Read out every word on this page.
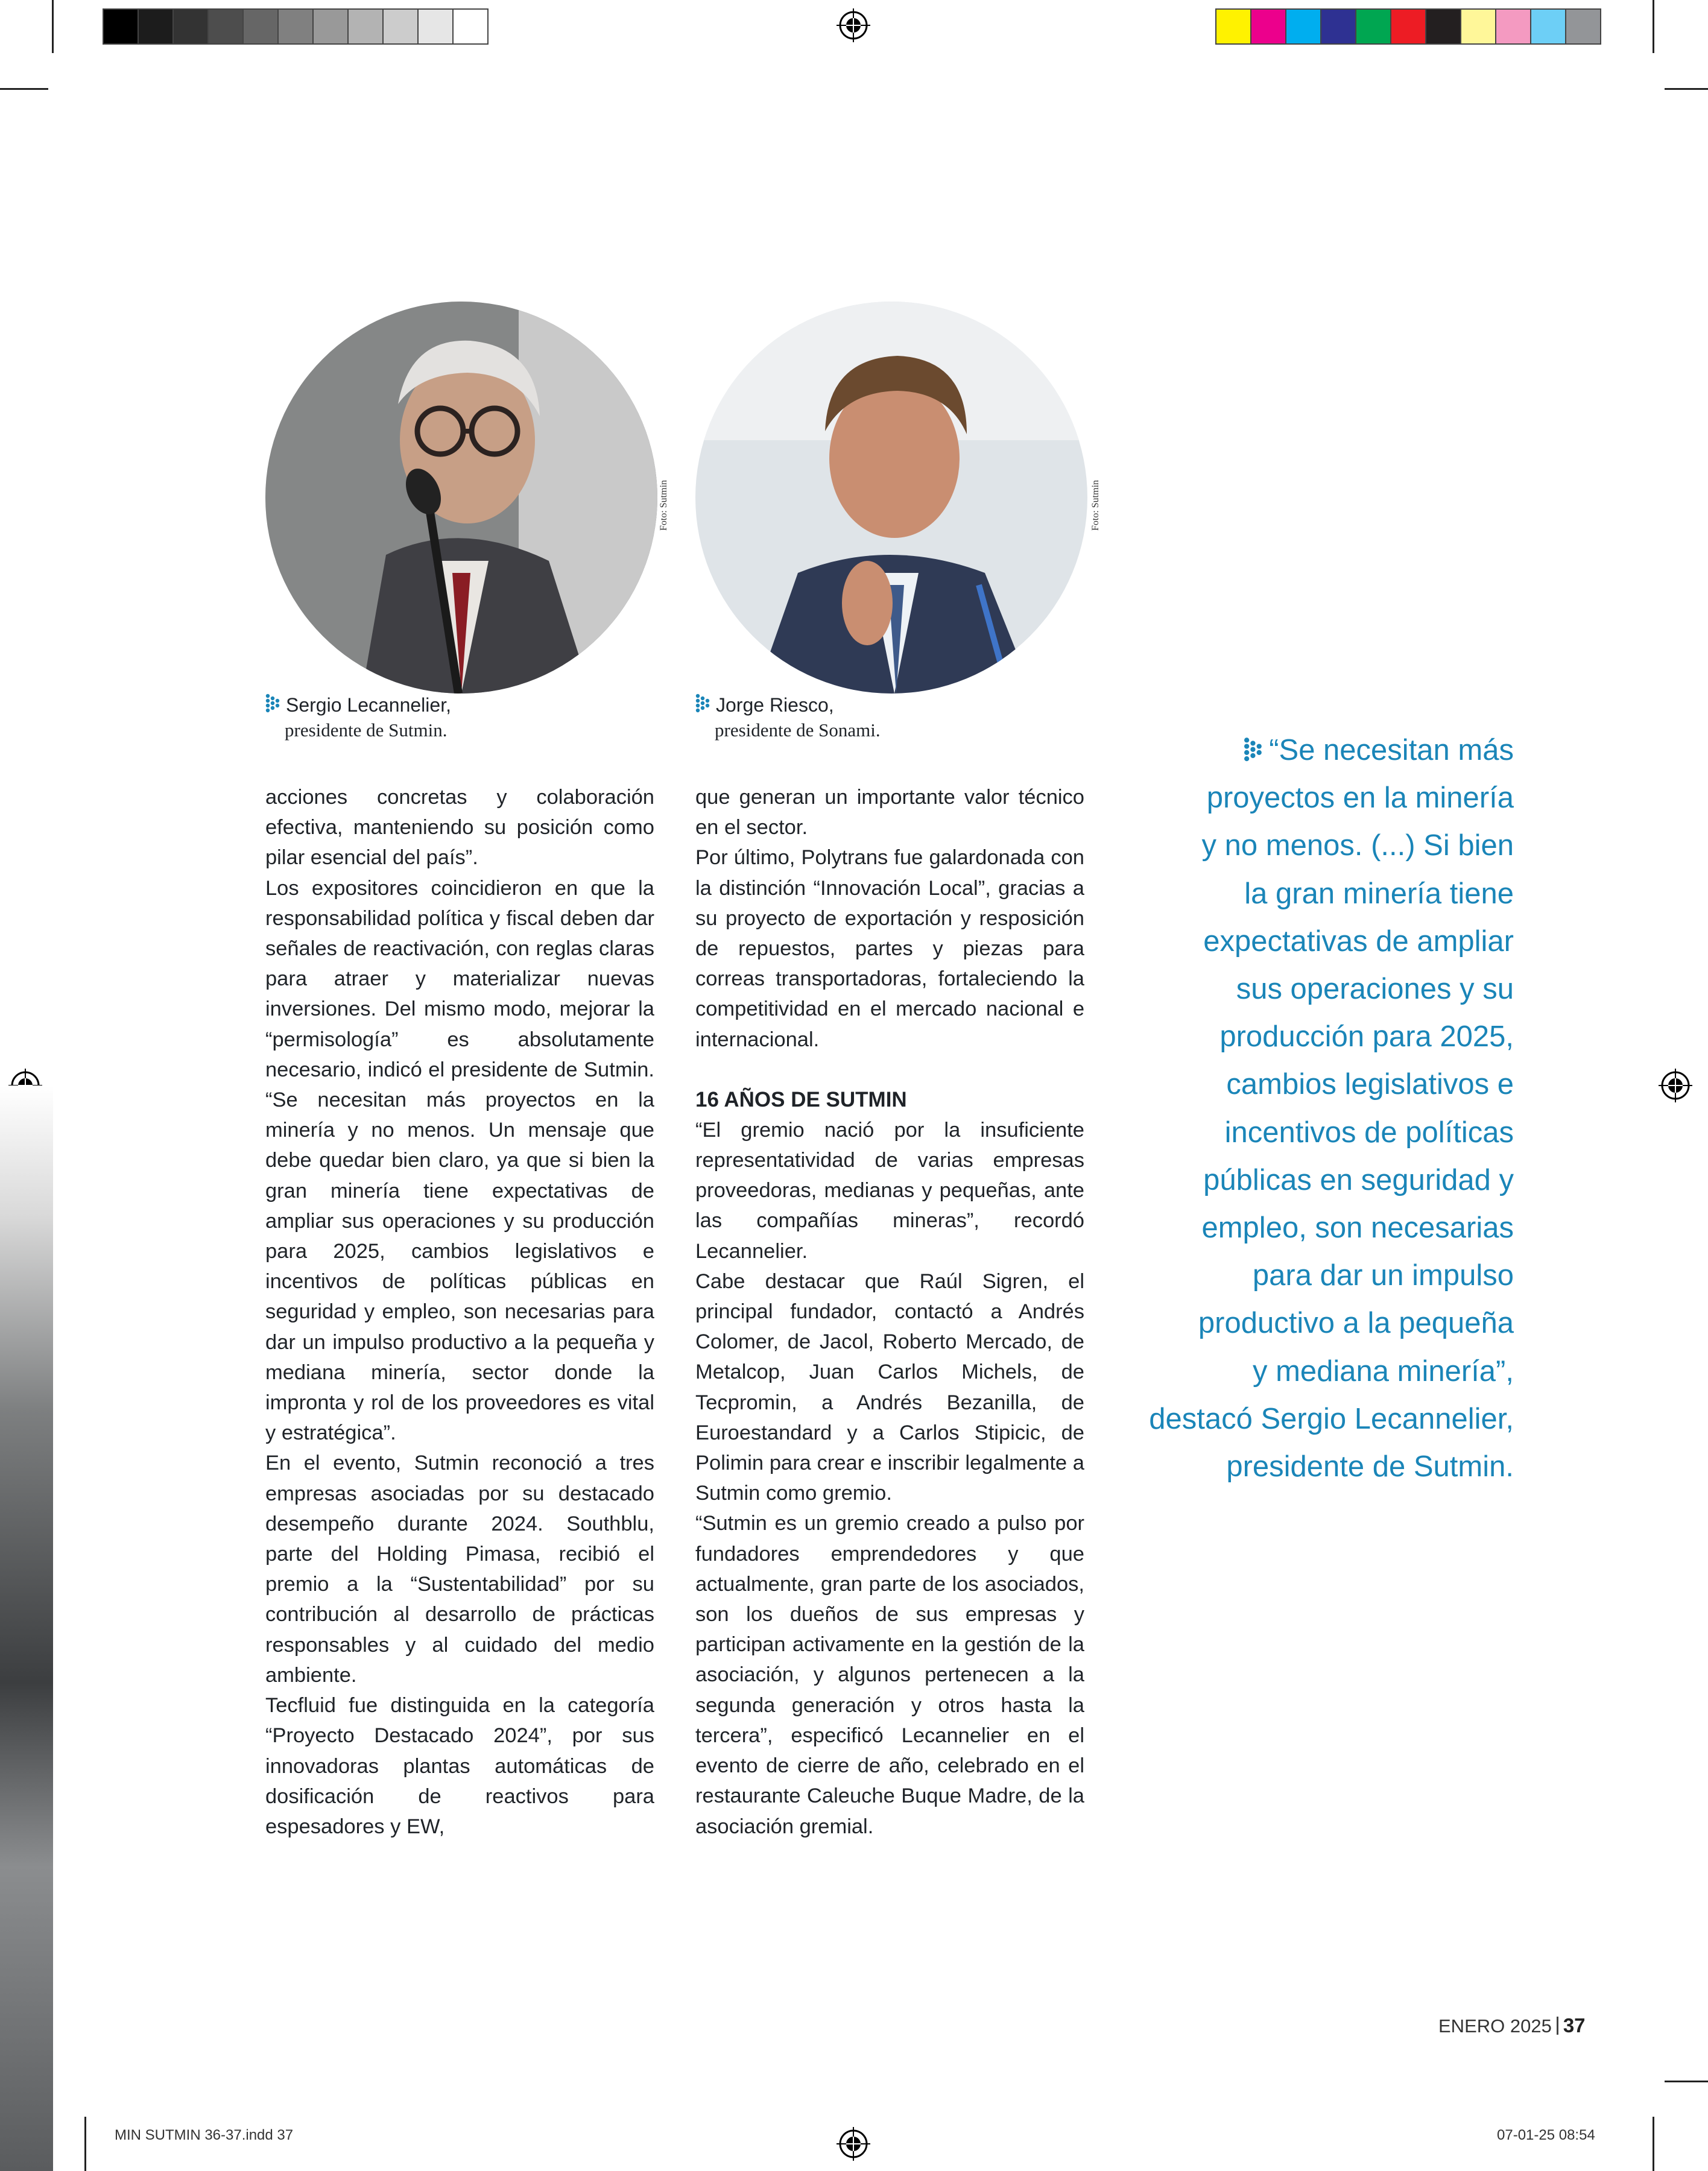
Foto: Sutmin	Foto: Sutmin
Sergio Lecannelier,
presidente de Sutmin.
Jorge Riesco,
presidente de Sonami.

acciones concretas y colaboración efectiva, manteniendo su posición como pilar esencial del país”.

Los expositores coincidieron en que la responsabilidad política y fiscal deben dar señales de reactivación, con reglas claras para atraer y materializar nuevas inversiones. Del mismo modo, mejorar la “permisología” es absolutamente necesario, indicó el presidente de Sutmin. “Se necesitan más proyectos en la minería y no menos. Un mensaje que debe quedar bien claro, ya que si bien la gran minería tiene expectativas de ampliar sus operaciones y su producción para 2025, cambios legislativos e incentivos de políticas públicas en seguridad y empleo, son necesarias para dar un impulso productivo a la pequeña y mediana minería, sector donde la impronta y rol de los proveedores es vital y estratégica”.

En el evento, Sutmin reconoció a tres empresas asociadas por su destacado desempeño durante 2024. Southblu, parte del Holding Pimasa, recibió el premio a la “Sustentabilidad” por su contribución al desarrollo de prácticas responsables y al cuidado del medio ambiente.

Tecfluid fue distinguida en la categoría “Proyecto Destacado 2024”, por sus innovadoras plantas automáticas de dosificación de reactivos para espesadores y EW,

que generan un importante valor técnico en el sector.

Por último, Polytrans fue galardonada con la distinción “Innovación Local”, gracias a su proyecto de exportación y resposición de repuestos, partes y piezas para correas transportadoras, fortaleciendo la competitividad en el mercado nacional e internacional.

16 AÑOS DE SUTMIN

“El gremio nació por la insuficiente representatividad de varias empresas proveedoras, medianas y pequeñas, ante las compañías mineras”, recordó Lecannelier.

Cabe destacar que Raúl Sigren, el principal fundador, contactó a Andrés Colomer, de Jacol, Roberto Mercado, de Metalcop, Juan Carlos Michels, de Tecpromin, a Andrés Bezanilla, de Euroestandard y a Carlos Stipicic, de Polimin para crear e inscribir legalmente a Sutmin como gremio.

“Sutmin es un gremio creado a pulso por fundadores emprendedores y que actualmente, gran parte de los asociados, son los dueños de sus empresas y participan activamente en la gestión de la asociación, y algunos pertenecen a la segunda generación y otros hasta la tercera”, especificó Lecannelier en el evento de cierre de año, celebrado en el restaurante Caleuche Buque Madre, de la asociación gremial.

“Se necesitan más
proyectos en la minería
y no menos. (...) Si bien
la gran minería tiene
expectativas de ampliar
sus operaciones y su
producción para 2025,
cambios legislativos e
incentivos de políticas
públicas en seguridad y
empleo, son necesarias
para dar un impulso
productivo a la pequeña
y mediana minería”,
destacó Sergio Lecannelier,
presidente de Sutmin.
ENERO 2025 37
MIN SUTMIN 36-37.indd 37	07-01-25 08:54
